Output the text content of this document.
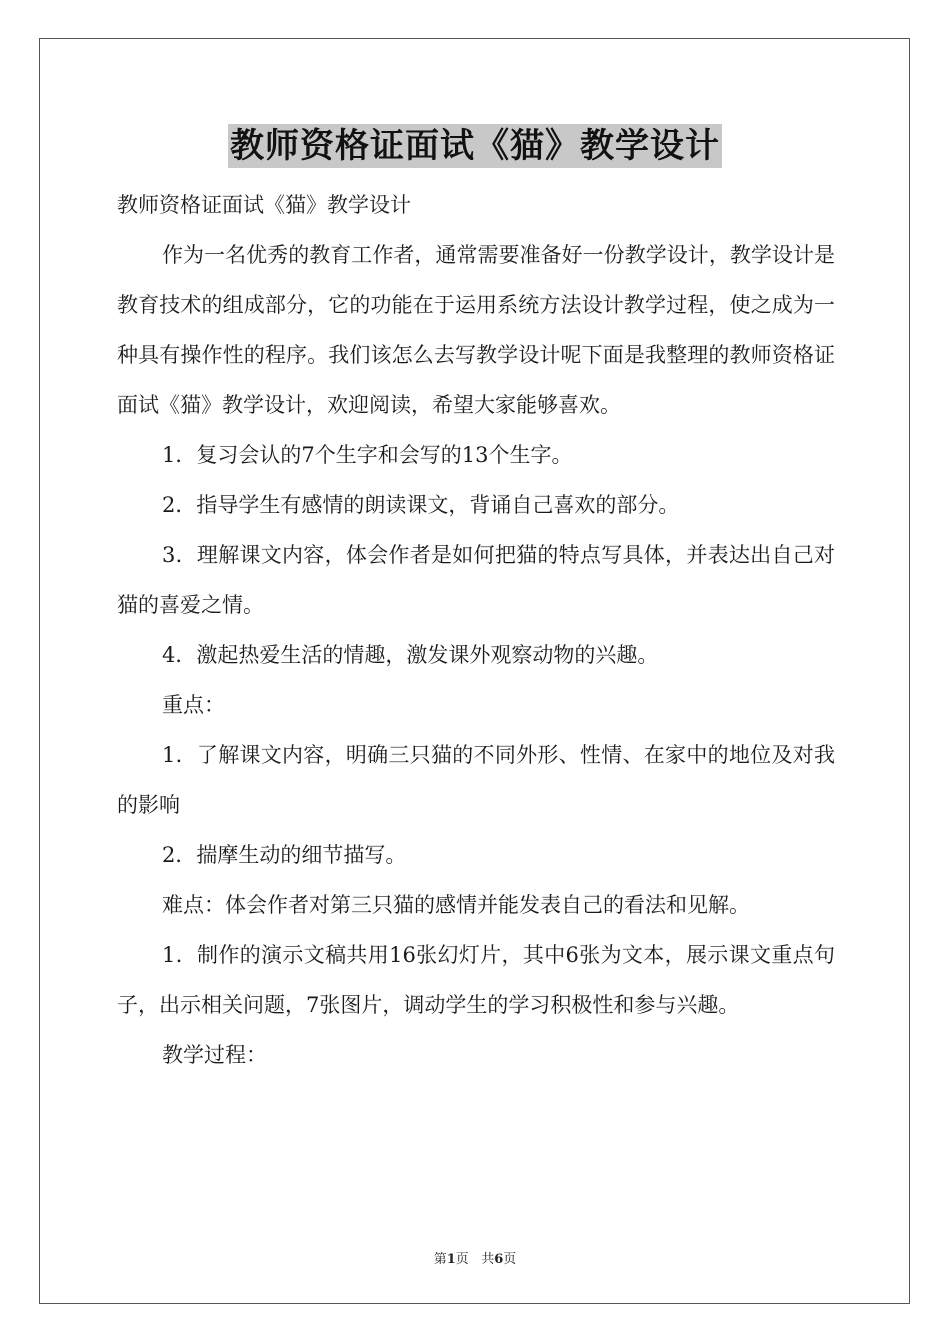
教师资格证面试《猫》教学设计

教师资格证面试《猫》教学设计

作为一名优秀的教育工作者，通常需要准备好一份教学设计，教学设计是教育技术的组成部分，它的功能在于运用系统方法设计教学过程，使之成为一种具有操作性的程序。我们该怎么去写教学设计呢下面是我整理的教师资格证面试《猫》教学设计，欢迎阅读，希望大家能够喜欢。

1．复习会认的7个生字和会写的13个生字。

2．指导学生有感情的朗读课文，背诵自己喜欢的部分。

3．理解课文内容，体会作者是如何把猫的特点写具体，并表达出自己对猫的喜爱之情。

4．激起热爱生活的情趣，激发课外观察动物的兴趣。

重点：

1．了解课文内容，明确三只猫的不同外形、性情、在家中的地位及对我的影响

2．揣摩生动的细节描写。

难点：体会作者对第三只猫的感情并能发表自己的看法和见解。

1．制作的演示文稿共用16张幻灯片，其中6张为文本，展示课文重点句子，出示相关问题，7张图片，调动学生的学习积极性和参与兴趣。

教学过程：

第1页 共6页
